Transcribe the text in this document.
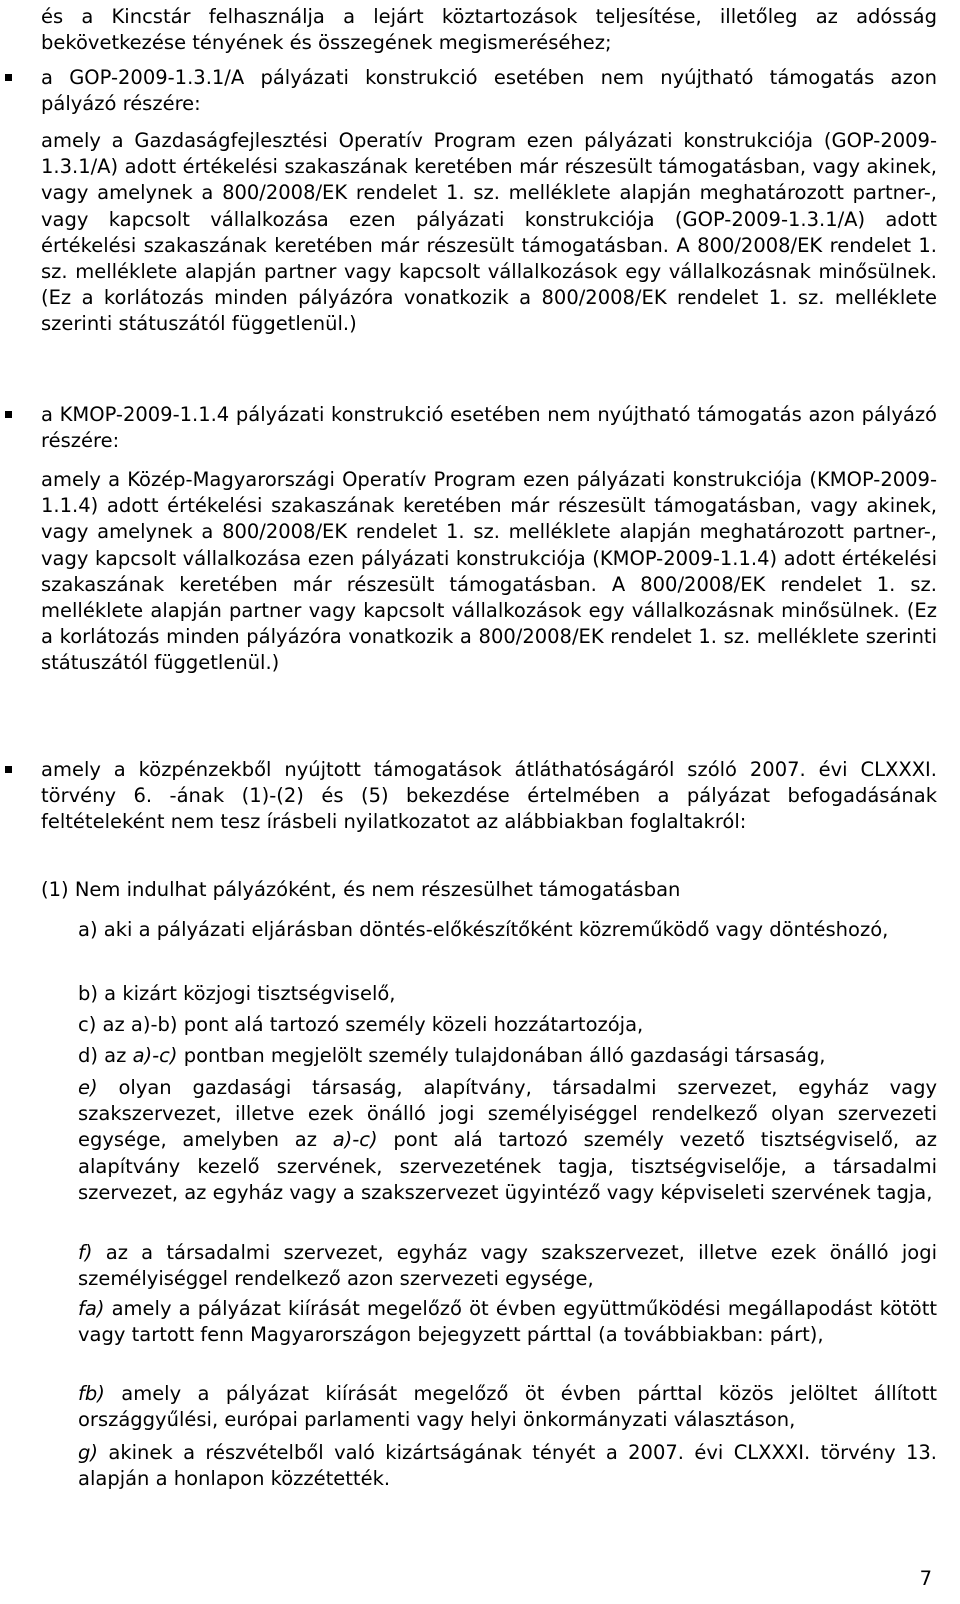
és a Kincstár felhasználja a lejárt köztartozások teljesítése, illetőleg az adósság bekövetkezése tényének és összegének megismeréséhez;

a GOP-2009-1.3.1/A pályázati konstrukció esetében nem nyújtható támogatás azon pályázó részére:

amely a Gazdaságfejlesztési Operatív Program ezen pályázati konstrukciója (GOP-2009-1.3.1/A) adott értékelési szakaszának keretében már részesült támogatásban, vagy akinek, vagy amelynek a 800/2008/EK rendelet 1. sz. melléklete alapján meghatározott partner-, vagy kapcsolt vállalkozása ezen pályázati konstrukciója (GOP-2009-1.3.1/A) adott értékelési szakaszának keretében már részesült támogatásban. A 800/2008/EK rendelet 1. sz. melléklete alapján partner vagy kapcsolt vállalkozások egy vállalkozásnak minősülnek. (Ez a korlátozás minden pályázóra vonatkozik a 800/2008/EK rendelet 1. sz. melléklete szerinti státuszától függetlenül.)

a KMOP-2009-1.1.4 pályázati konstrukció esetében nem nyújtható támogatás azon pályázó részére:

amely a Közép-Magyarországi Operatív Program ezen pályázati konstrukciója (KMOP-2009-1.1.4) adott értékelési szakaszának keretében már részesült támogatásban, vagy akinek, vagy amelynek a 800/2008/EK rendelet 1. sz. melléklete alapján meghatározott partner-, vagy kapcsolt vállalkozása ezen pályázati konstrukciója (KMOP-2009-1.1.4) adott értékelési szakaszának keretében már részesült támogatásban. A 800/2008/EK rendelet 1. sz. melléklete alapján partner vagy kapcsolt vállalkozások egy vállalkozásnak minősülnek. (Ez a korlátozás minden pályázóra vonatkozik a 800/2008/EK rendelet 1. sz. melléklete szerinti státuszától függetlenül.)

amely a közpénzekből nyújtott támogatások átláthatóságáról szóló 2007. évi CLXXXI. törvény 6. -ának (1)-(2) és (5) bekezdése értelmében a pályázat befogadásának feltételeként nem tesz írásbeli nyilatkozatot az alábbiakban foglaltakról:

(1) Nem indulhat pályázóként, és nem részesülhet támogatásban

a) aki a pályázati eljárásban döntés-előkészítőként közreműködő vagy döntéshozó,

b) a kizárt közjogi tisztségviselő,

c) az a)-b) pont alá tartozó személy közeli hozzátartozója,

d) az a)-c) pontban megjelölt személy tulajdonában álló gazdasági társaság,

e) olyan gazdasági társaság, alapítvány, társadalmi szervezet, egyház vagy szakszervezet, illetve ezek önálló jogi személyiséggel rendelkező olyan szervezeti egysége, amelyben az a)-c) pont alá tartozó személy vezető tisztségviselő, az alapítvány kezelő szervének, szervezetének tagja, tisztségviselője, a társadalmi szervezet, az egyház vagy a szakszervezet ügyintéző vagy képviseleti szervének tagja,

f) az a társadalmi szervezet, egyház vagy szakszervezet, illetve ezek önálló jogi személyiséggel rendelkező azon szervezeti egysége,

fa) amely a pályázat kiírását megelőző öt évben együttműködési megállapodást kötött vagy tartott fenn Magyarországon bejegyzett párttal (a továbbiakban: párt),

fb) amely a pályázat kiírását megelőző öt évben párttal közös jelöltet állított országgyűlési, európai parlamenti vagy helyi önkormányzati választáson,

g) akinek a részvételből való kizártságának tényét a 2007. évi CLXXXI. törvény 13. alapján a honlapon közzétették.

7
